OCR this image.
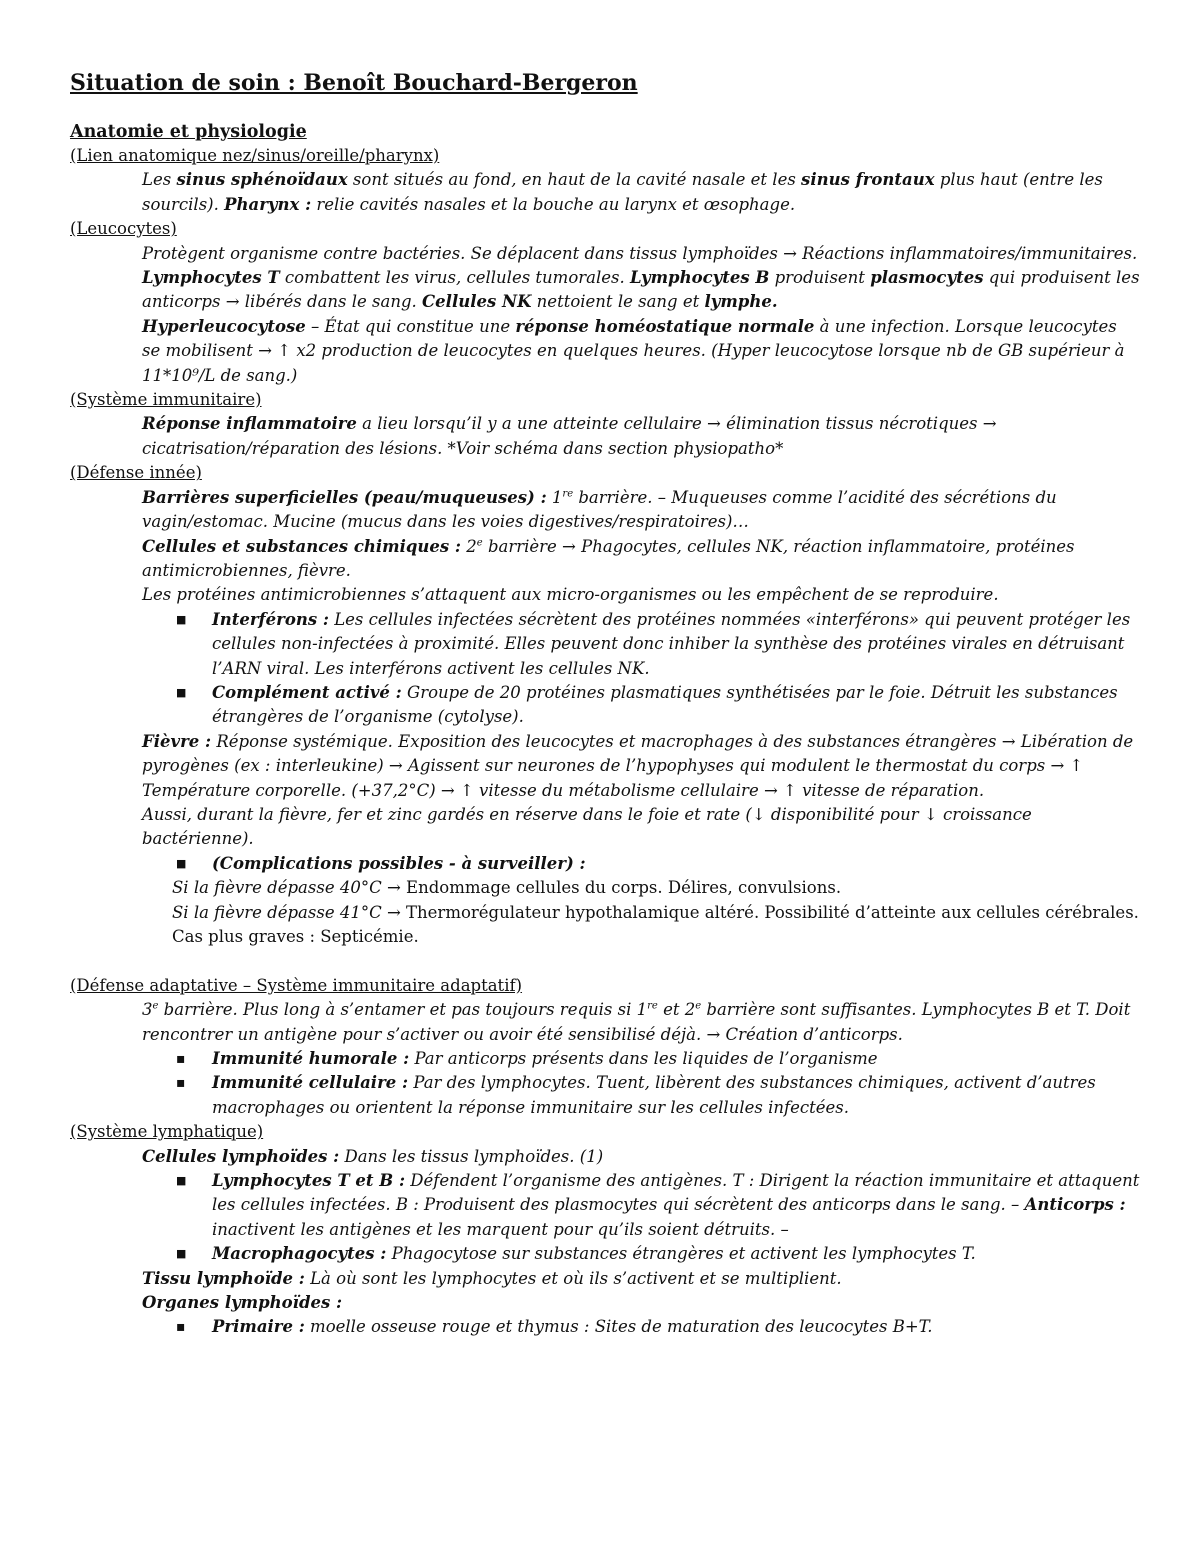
Situation de soin : Benoît Bouchard-Bergeron
Anatomie et physiologie
(Lien anatomique nez/sinus/oreille/pharynx)
Les sinus sphénoïdaux sont situés au fond, en haut de la cavité nasale et les sinus frontaux plus haut (entre les sourcils). Pharynx : relie cavités nasales et la bouche au larynx et œsophage.
(Leucocytes)
Protègent organisme contre bactéries. Se déplacent dans tissus lymphoïdes → Réactions inflammatoires/immunitaires.
Lymphocytes T combattent les virus, cellules tumorales. Lymphocytes B produisent plasmocytes qui produisent les anticorps → libérés dans le sang. Cellules NK nettoient le sang et lymphe.
Hyperleucocytose – État qui constitue une réponse homéostatique normale à une infection. Lorsque leucocytes se mobilisent → ↑ x2 production de leucocytes en quelques heures. (Hyper leucocytose lorsque nb de GB supérieur à 11*10⁹/L de sang.)
(Système immunitaire)
Réponse inflammatoire a lieu lorsqu’il y a une atteinte cellulaire → élimination tissus nécrotiques → cicatrisation/réparation des lésions. *Voir schéma dans section physiopatho*
(Défense innée)
Barrières superficielles (peau/muqueuses) : 1re barrière. – Muqueuses comme l’acidité des sécrétions du vagin/estomac. Mucine (mucus dans les voies digestives/respiratoires)…
Cellules et substances chimiques : 2e barrière → Phagocytes, cellules NK, réaction inflammatoire, protéines antimicrobiennes, fièvre.
Les protéines antimicrobiennes s’attaquent aux micro-organismes ou les empêchent de se reproduire.
■	Interférons : Les cellules infectées sécrètent des protéines nommées «interférons» qui peuvent protéger les cellules non-infectées à proximité. Elles peuvent donc inhiber la synthèse des protéines virales en détruisant l’ARN viral. Les interférons activent les cellules NK.
■	Complément activé : Groupe de 20 protéines plasmatiques synthétisées par le foie. Détruit les substances étrangères de l’organisme (cytolyse).
Fièvre : Réponse systémique. Exposition des leucocytes et macrophages à des substances étrangères → Libération de pyrogènes (ex : interleukine) → Agissent sur neurones de l’hypophyses qui modulent le thermostat du corps → ↑ Température corporelle. (+37,2°C) → ↑ vitesse du métabolisme cellulaire → ↑ vitesse de réparation.
Aussi, durant la fièvre, fer et zinc gardés en réserve dans le foie et rate (↓ disponibilité pour ↓ croissance bactérienne).
■	(Complications possibles - à surveiller) :
Si la fièvre dépasse 40°C → Endommage cellules du corps. Délires, convulsions.
Si la fièvre dépasse 41°C → Thermorégulateur hypothalamique altéré. Possibilité d’atteinte aux cellules cérébrales. Cas plus graves : Septicémie.
(Défense adaptative – Système immunitaire adaptatif)
3e barrière. Plus long à s’entamer et pas toujours requis si 1re et 2e barrière sont suffisantes. Lymphocytes B et T. Doit rencontrer un antigène pour s’activer ou avoir été sensibilisé déjà. → Création d’anticorps.
▪	Immunité humorale : Par anticorps présents dans les liquides de l’organisme
▪	Immunité cellulaire : Par des lymphocytes. Tuent, libèrent des substances chimiques, activent d’autres macrophages ou orientent la réponse immunitaire sur les cellules infectées.
(Système lymphatique)
Cellules lymphoïdes : Dans les tissus lymphoïdes. (1)
■	Lymphocytes T et B : Défendent l’organisme des antigènes. T : Dirigent la réaction immunitaire et attaquent les cellules infectées. B : Produisent des plasmocytes qui sécrètent des anticorps dans le sang. – Anticorps : inactivent les antigènes et les marquent pour qu’ils soient détruits. –
■	Macrophagocytes : Phagocytose sur substances étrangères et activent les lymphocytes T.
Tissu lymphoïde : Là où sont les lymphocytes et où ils s’activent et se multiplient.
Organes lymphoïdes :
▪	Primaire : moelle osseuse rouge et thymus : Sites de maturation des leucocytes B+T.
